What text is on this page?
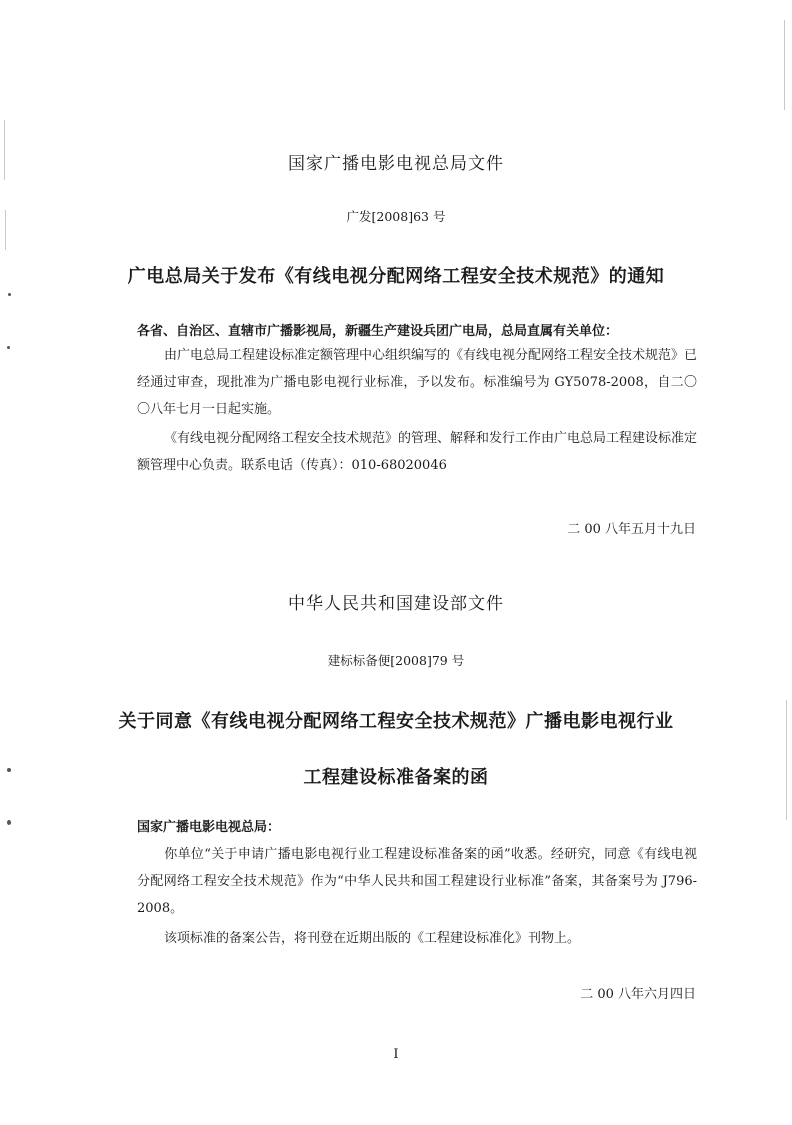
国家广播电影电视总局文件
广发[2008]63 号
广电总局关于发布《有线电视分配网络工程安全技术规范》的通知
各省、自治区、直辖市广播影视局，新疆生产建设兵团广电局，总局直属有关单位：
由广电总局工程建设标准定额管理中心组织编写的《有线电视分配网络工程安全技术规范》已经通过审查，现批准为广播电影电视行业标准，予以发布。标准编号为 GY5078-2008，自二〇〇八年七月一日起实施。
《有线电视分配网络工程安全技术规范》的管理、解释和发行工作由广电总局工程建设标准定额管理中心负责。联系电话（传真）：010-68020046
二 00 八年五月十九日
中华人民共和国建设部文件
建标标备便[2008]79 号
关于同意《有线电视分配网络工程安全技术规范》广播电影电视行业
工程建设标准备案的函
国家广播电影电视总局：
你单位“关于申请广播电影电视行业工程建设标准备案的函”收悉。经研究，同意《有线电视分配网络工程安全技术规范》作为“中华人民共和国工程建设行业标准”备案，其备案号为 J796-2008。
该项标准的备案公告，将刊登在近期出版的《工程建设标准化》刊物上。
二 00 八年六月四日
I
